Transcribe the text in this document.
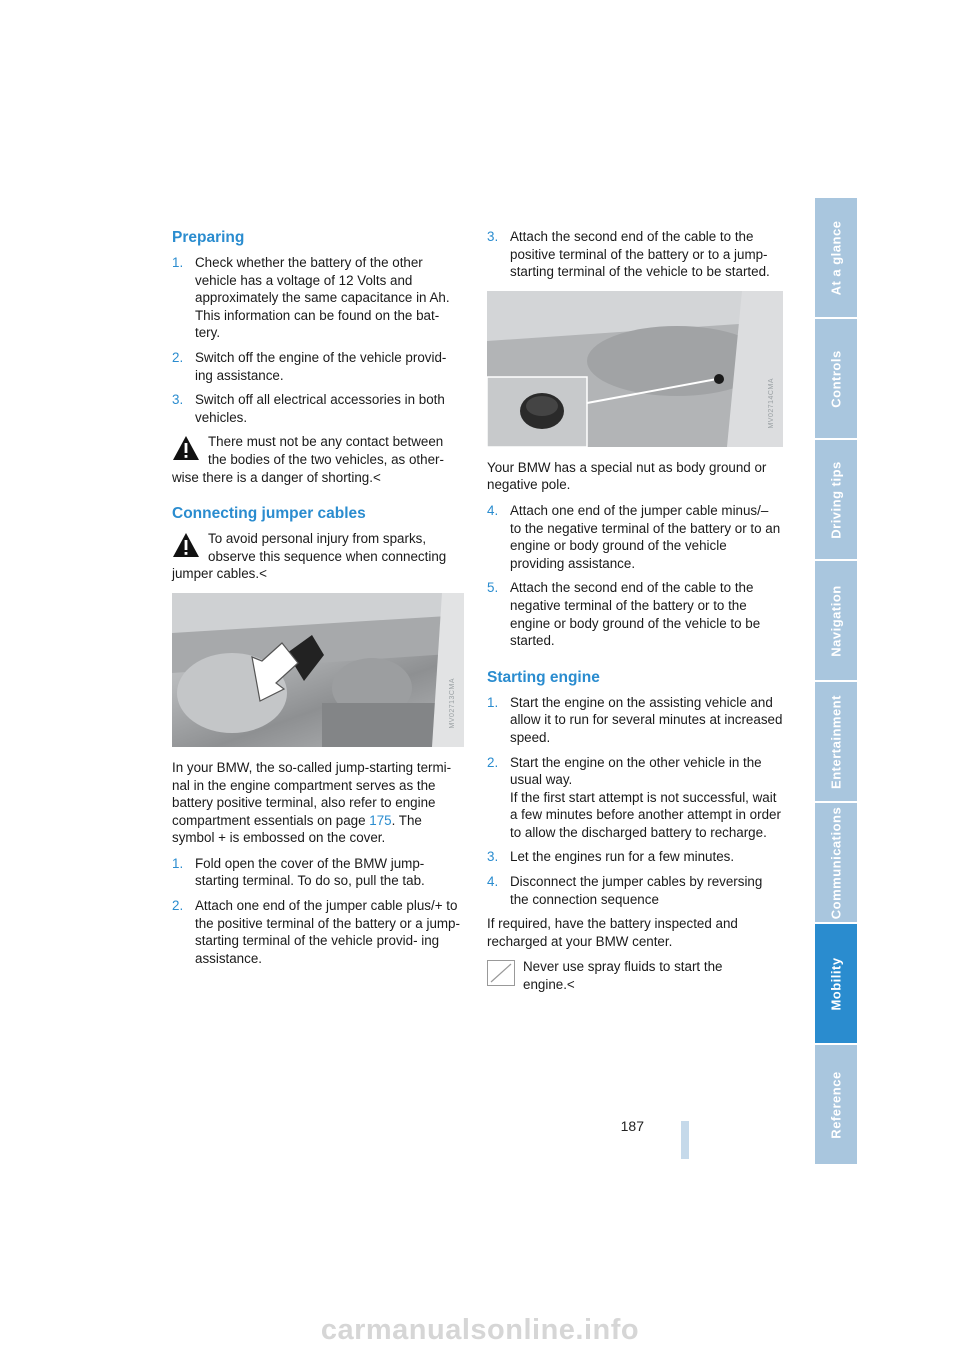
At a glance
Controls
Driving tips
Navigation
Entertainment
Communications
Mobility
Reference
Preparing
1. Check whether the battery of the other vehicle has a voltage of 12 Volts and approximately the same capacitance in Ah. This information can be found on the bat- tery.
2. Switch off the engine of the vehicle provid- ing assistance.
3. Switch off all electrical accessories in both vehicles.
There must not be any contact between
the bodies of the two vehicles, as other-
wise there is a danger of shorting.<
Connecting jumper cables
To avoid personal injury from sparks,
observe this sequence when connecting
jumper cables.<
MV02713CMA

In your BMW, the so-called jump-starting termi- nal in the engine compartment serves as the battery positive terminal, also refer to engine compartment essentials on page 175. The symbol + is embossed on the cover.

1. Fold open the cover of the BMW jump- starting terminal. To do so, pull the tab.
2. Attach one end of the jumper cable plus/+ to the positive terminal of the battery or a jump-starting terminal of the vehicle provid- ing assistance.
3. Attach the second end of the cable to the positive terminal of the battery or to a jump- starting terminal of the vehicle to be started.
MV02714CMA

Your BMW has a special nut as body ground or negative pole.

4. Attach one end of the jumper cable minus/– to the negative terminal of the battery or to an engine or body ground of the vehicle providing assistance.
5. Attach the second end of the cable to the negative terminal of the battery or to the engine or body ground of the vehicle to be started.
Starting engine
1. Start the engine on the assisting vehicle and allow it to run for several minutes at increased speed.
2. Start the engine on the other vehicle in the usual way.
If the first start attempt is not successful, wait a few minutes before another attempt in order to allow the discharged battery to recharge.
3. Let the engines run for a few minutes.
4. Disconnect the jumper cables by reversing the connection sequence

If required, have the battery inspected and recharged at your BMW center.

Never use spray fluids to start the
engine.<
187
Online Edition for Part-No. 01 41 0 158 445 - © 09/04 BMW AG
carmanualsonline.info
